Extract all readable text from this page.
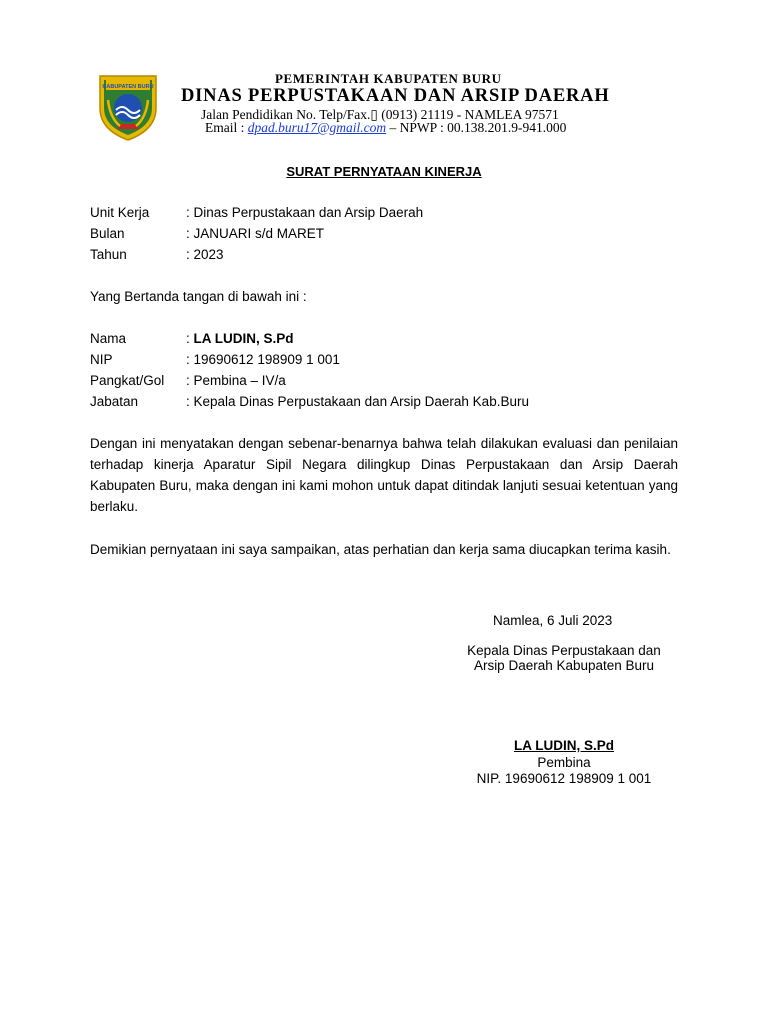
KABUPATEN BURU
PEMERINTAH KABUPATEN BURU
DINAS PERPUSTAKAAN DAN ARSIP DAERAH
Jalan Pendidikan No. Telp/Fax.▯ (0913) 21119 - NAMLEA 97571
Email : dpad.buru17@gmail.com – NPWP : 00.138.201.9-941.000
SURAT PERNYATAAN KINERJA
Unit Kerja	: Dinas Perpustakaan dan Arsip Daerah
Bulan	: JANUARI s/d MARET
Tahun	: 2023
Yang Bertanda tangan di bawah ini :
Nama	: LA LUDIN, S.Pd
NIP	: 19690612 198909 1 001
Pangkat/Gol : Pembina – IV/a
Jabatan	: Kepala Dinas Perpustakaan dan Arsip Daerah Kab.Buru
Dengan ini menyatakan dengan sebenar-benarnya bahwa telah dilakukan evaluasi dan penilaian terhadap kinerja Aparatur Sipil Negara dilingkup Dinas Perpustakaan dan Arsip Daerah Kabupaten Buru, maka dengan ini kami mohon untuk dapat ditindak lanjuti sesuai ketentuan yang berlaku.
Demikian pernyataan ini saya sampaikan, atas perhatian dan kerja sama diucapkan terima kasih.
Namlea, 6 Juli 2023
Kepala Dinas Perpustakaan dan
Arsip Daerah Kabupaten Buru
LA LUDIN, S.Pd
Pembina
NIP. 19690612 198909 1 001
